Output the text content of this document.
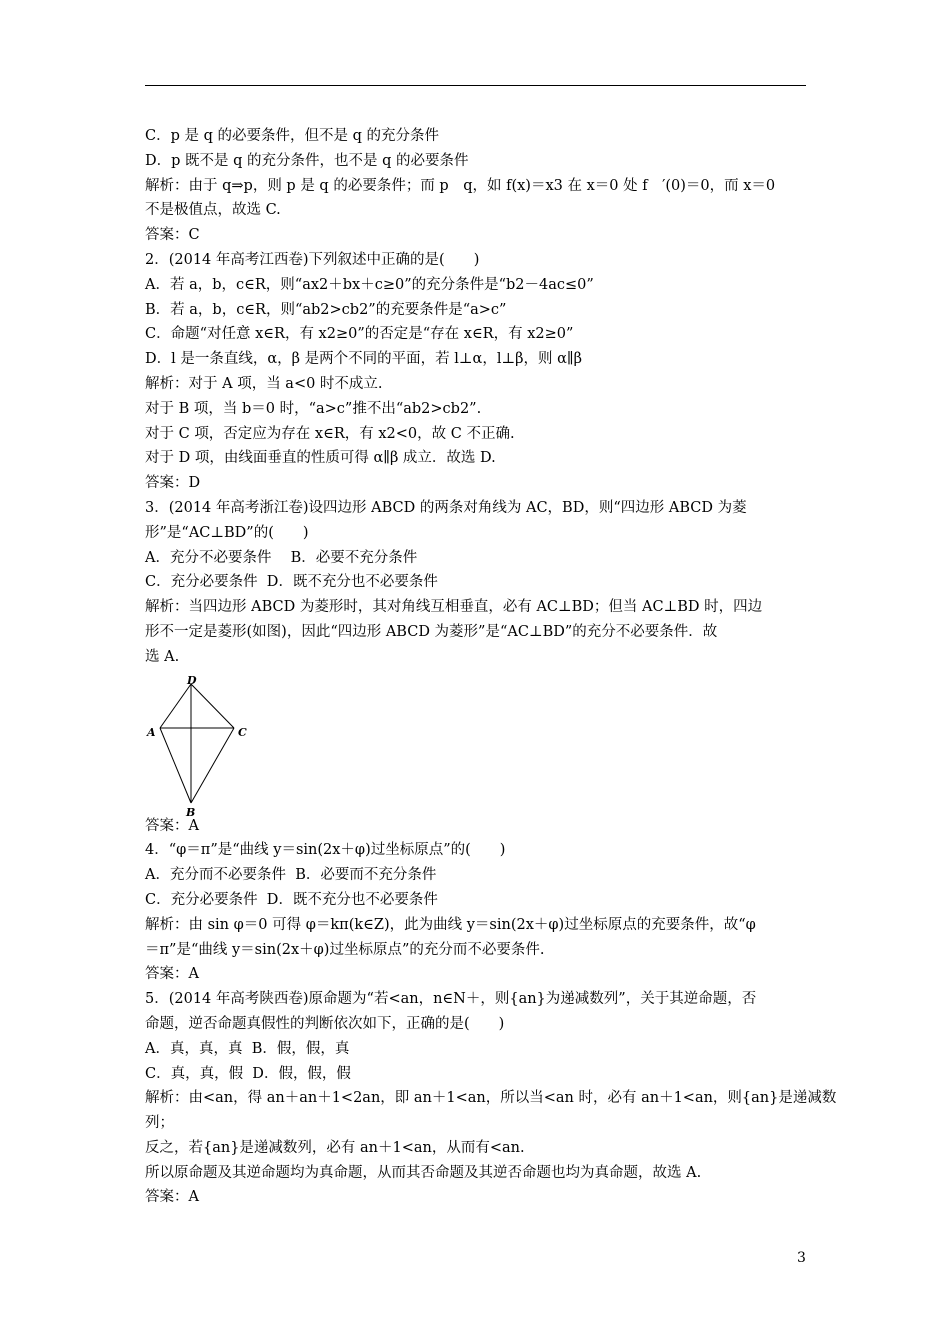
C．p 是 q 的必要条件，但不是 q 的充分条件
D．p 既不是 q 的充分条件，也不是 q 的必要条件
解析：由于 q⇒p，则 p 是 q 的必要条件；而 p　q，如 f(x)＝x3 在 x＝0 处 f　′(0)＝0，而 x＝0
不是极值点，故选 C.
答案：C
2．(2014 年高考江西卷)下列叙述中正确的是(　　)
A．若 a，b，c∈R，则“ax2＋bx＋c≥0”的充分条件是“b2－4ac≤0”
B．若 a，b，c∈R，则“ab2>cb2”的充要条件是“a>c”
C．命题“对任意 x∈R，有 x2≥0”的否定是“存在 x∈R，有 x2≥0”
D．l 是一条直线，α，β 是两个不同的平面，若 l⊥α，l⊥β，则 α∥β
解析：对于 A 项，当 a<0 时不成立.
对于 B 项，当 b＝0 时，“a>c”推不出“ab2>cb2”.
对于 C 项，否定应为存在 x∈R，有 x2<0，故 C 不正确.
对于 D 项，由线面垂直的性质可得 α∥β 成立．故选 D.
答案：D
3．(2014 年高考浙江卷)设四边形 ABCD 的两条对角线为 AC，BD，则“四边形 ABCD 为菱
形”是“AC⊥BD”的(　　)
A．充分不必要条件　 B．必要不充分条件
C．充分必要条件  D．既不充分也不必要条件
解析：当四边形 ABCD 为菱形时，其对角线互相垂直，必有 AC⊥BD；但当 AC⊥BD 时，四边
形不一定是菱形(如图)，因此“四边形 ABCD 为菱形”是“AC⊥BD”的充分不必要条件．故
选 A.
D
A	C
B
答案：A
4．“φ＝π”是“曲线 y＝sin(2x＋φ)过坐标原点”的(　　)
A．充分而不必要条件  B．必要而不充分条件
C．充分必要条件  D．既不充分也不必要条件
解析：由 sin φ＝0 可得 φ＝kπ(k∈Z)，此为曲线 y＝sin(2x＋φ)过坐标原点的充要条件，故“φ
＝π”是“曲线 y＝sin(2x＋φ)过坐标原点”的充分而不必要条件.
答案：A
5．(2014 年高考陕西卷)原命题为“若<an，n∈N＋，则{an}为递减数列”，关于其逆命题，否
命题，逆否命题真假性的判断依次如下，正确的是(　　)
A．真，真，真  B．假，假，真
C．真，真，假  D．假，假，假
解析：由<an，得 an＋an＋1<2an，即 an＋1<an，所以当<an 时，必有 an＋1<an，则{an}是递减数
列；
反之，若{an}是递减数列，必有 an＋1<an，从而有<an.
所以原命题及其逆命题均为真命题，从而其否命题及其逆否命题也均为真命题，故选 A.
答案：A
3
